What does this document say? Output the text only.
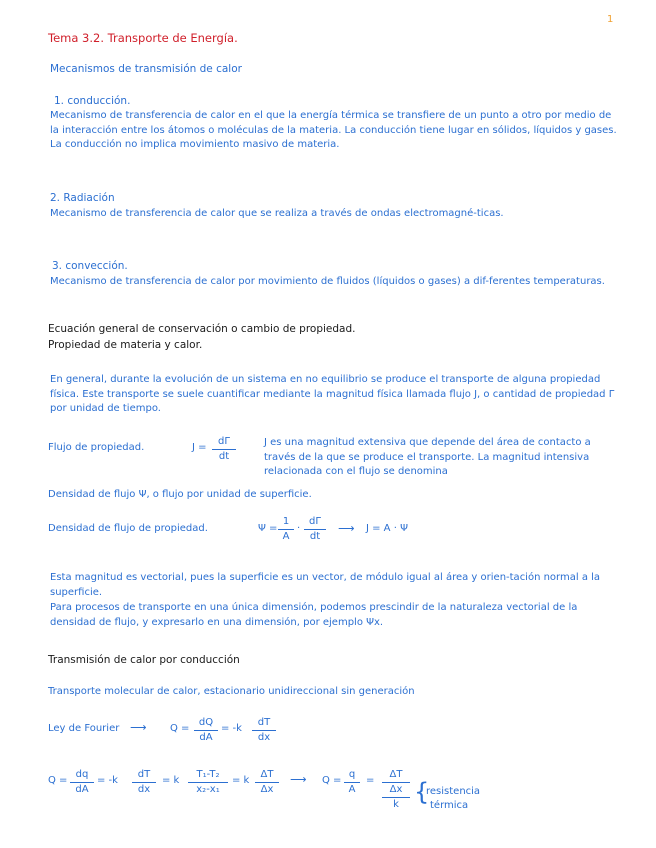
1
Tema 3.2. Transporte de Energía.
Mecanismos de transmisión de calor
1. conducción.
Mecanismo de transferencia de calor en el que la energía térmica se transfiere de un punto a otro por medio de la interacción entre los átomos o moléculas de la materia. La conducción tiene lugar en sólidos, líquidos y gases. La conducción no implica movimiento masivo de materia.
2. Radiación
Mecanismo de transferencia de calor que se realiza a través de ondas electromagné-ticas.
3. convección.
Mecanismo de transferencia de calor por movimiento de fluidos (líquidos o gases) a dif-ferentes temperaturas.
Ecuación general de conservación o cambio de propiedad.
Propiedad de materia y calor.
En general, durante la evolución de un sistema en no equilibrio se produce el transporte de alguna propiedad física. Este transporte se suele cuantificar mediante la magnitud física llamada flujo J, o cantidad de propiedad Γ por unidad de tiempo.
Flujo de propiedad.	$J = \frac{d\Gamma}{dt}$	J es una magnitud extensiva que depende del área de contacto a través de la que se produce el transporte. La magnitud intensiva relacionada con el flujo se denomina
Densidad de flujo Ψ, o flujo por unidad de superficie.
Densidad de flujo de propiedad.	$\Psi = \frac{1}{A} \cdot \frac{d\Gamma}{dt}$ ⟶ J = A · Ψ
Esta magnitud es vectorial, pues la superficie es un vector, de módulo igual al área y orien-tación normal a la superficie.
Para procesos de transporte en una única dimensión, podemos prescindir de la naturaleza vectorial de la densidad de flujo, y expresarlo en una dimensión, por ejemplo Ψx.
Transmisión de calor por conducción
Transporte molecular de calor, estacionario unidireccional sin generación
Ley de Fourier ⟶ $Q = \frac{dQ}{dA} = -k \frac{dT}{dx}$
$Q = \frac{dq}{dA} = -k \frac{dT}{dx} = k \frac{\text{T₁-T₂}}{\text{x₂-x₁}} = k \frac{\Delta T}{\Delta x}$ ⟶ $Q = \frac{q}{A}$ =
ΔT
Δx
k {
resistencia
térmica
